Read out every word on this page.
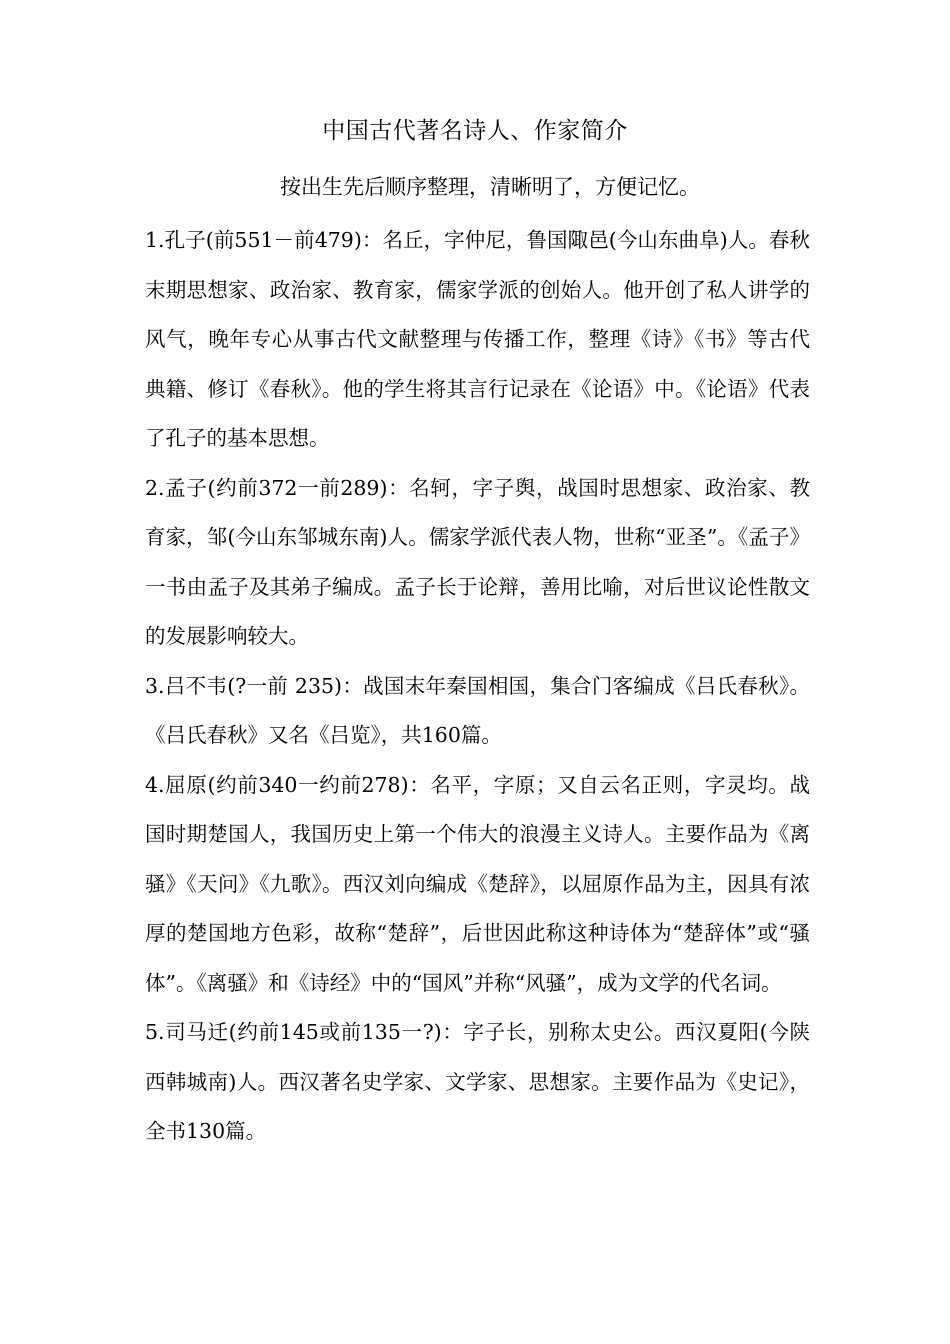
中国古代著名诗人、作家简介
按出生先后顺序整理，清晰明了，方便记忆。

1.孔子(前551－前479)：名丘，字仲尼，鲁国陬邑(今山东曲阜)人。春秋末期思想家、政治家、教育家，儒家学派的创始人。他开创了私人讲学的风气，晚年专心从事古代文献整理与传播工作，整理《诗》《书》等古代典籍、修订《春秋》。他的学生将其言行记录在《论语》中。《论语》代表了孔子的基本思想。

2.孟子(约前372一前289)：名轲，字子舆，战国时思想家、政治家、教育家，邹(今山东邹城东南)人。儒家学派代表人物，世称“亚圣”。《孟子》一书由孟子及其弟子编成。孟子长于论辩，善用比喻，对后世议论性散文的发展影响较大。

3.吕不韦(?一前 235)：战国末年秦国相国，集合门客编成《吕氏春秋》。《吕氏春秋》又名《吕览》，共160篇。

4.屈原(约前340一约前278)：名平，字原；又自云名正则，字灵均。战国时期楚国人，我国历史上第一个伟大的浪漫主义诗人。主要作品为《离骚》《天问》《九歌》。西汉刘向编成《楚辞》，以屈原作品为主，因具有浓厚的楚国地方色彩，故称“楚辞”，后世因此称这种诗体为“楚辞体”或“骚体”。《离骚》和《诗经》中的“国风”并称“风骚”，成为文学的代名词。

5.司马迁(约前145或前135一?)：字子长，别称太史公。西汉夏阳(今陕西韩城南)人。西汉著名史学家、文学家、思想家。主要作品为《史记》，全书130篇。
